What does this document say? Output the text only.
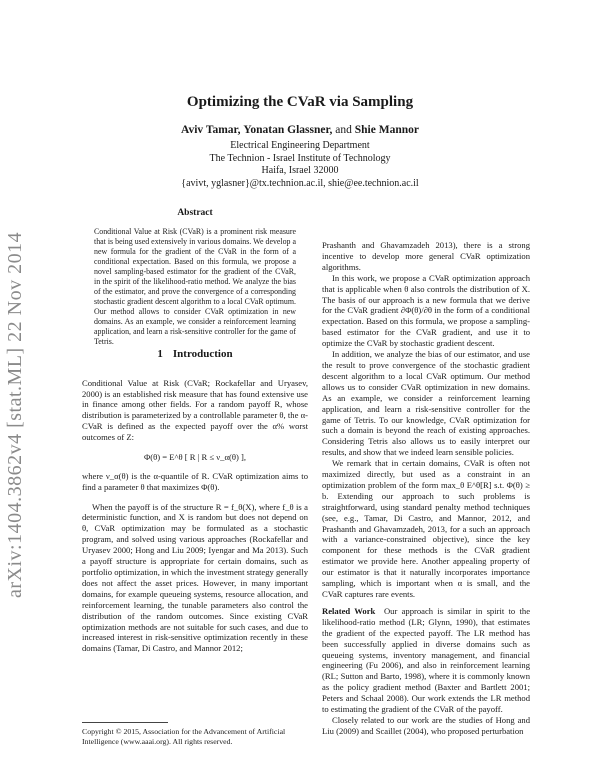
arXiv:1404.3862v4 [stat.ML] 22 Nov 2014
Optimizing the CVaR via Sampling
Aviv Tamar, Yonatan Glassner, and Shie Mannor
Electrical Engineering Department
The Technion - Israel Institute of Technology
Haifa, Israel 32000
{avivt, yglasner}@tx.technion.ac.il, shie@ee.technion.ac.il
Abstract
Conditional Value at Risk (CVaR) is a prominent risk measure that is being used extensively in various domains. We develop a new formula for the gradient of the CVaR in the form of a conditional expectation. Based on this formula, we propose a novel sampling-based estimator for the gradient of the CVaR, in the spirit of the likelihood-ratio method. We analyze the bias of the estimator, and prove the convergence of a corresponding stochastic gradient descent algorithm to a local CVaR optimum. Our method allows to consider CVaR optimization in new domains. As an example, we consider a reinforcement learning application, and learn a risk-sensitive controller for the game of Tetris.
1 Introduction

Conditional Value at Risk (CVaR; Rockafellar and Uryasev, 2000) is an established risk measure that has found extensive use in finance among other fields. For a random payoff R, whose distribution is parameterized by a controllable parameter θ, the α-CVaR is defined as the expected payoff over the α% worst outcomes of Z:

Φ(θ) = E^θ [ R | R ≤ ν_α(θ) ],

where ν_α(θ) is the α-quantile of R. CVaR optimization aims to find a parameter θ that maximizes Φ(θ).

When the payoff is of the structure R = f_θ(X), where f_θ is a deterministic function, and X is random but does not depend on θ, CVaR optimization may be formulated as a stochastic program, and solved using various approaches (Rockafellar and Uryasev 2000; Hong and Liu 2009; Iyengar and Ma 2013). Such a payoff structure is appropriate for certain domains, such as portfolio optimization, in which the investment strategy generally does not affect the asset prices. However, in many important domains, for example queueing systems, resource allocation, and reinforcement learning, the tunable parameters also control the distribution of the random outcomes. Since existing CVaR optimization methods are not suitable for such cases, and due to increased interest in risk-sensitive optimization recently in these domains (Tamar, Di Castro, and Mannor 2012;

Copyright © 2015, Association for the Advancement of Artificial Intelligence (www.aaai.org). All rights reserved.

Prashanth and Ghavamzadeh 2013), there is a strong incentive to develop more general CVaR optimization algorithms.

In this work, we propose a CVaR optimization approach that is applicable when θ also controls the distribution of X. The basis of our approach is a new formula that we derive for the CVaR gradient ∂Φ(θ)/∂θ in the form of a conditional expectation. Based on this formula, we propose a sampling-based estimator for the CVaR gradient, and use it to optimize the CVaR by stochastic gradient descent.

In addition, we analyze the bias of our estimator, and use the result to prove convergence of the stochastic gradient descent algorithm to a local CVaR optimum. Our method allows us to consider CVaR optimization in new domains. As an example, we consider a reinforcement learning application, and learn a risk-sensitive controller for the game of Tetris. To our knowledge, CVaR optimization for such a domain is beyond the reach of existing approaches. Considering Tetris also allows us to easily interpret our results, and show that we indeed learn sensible policies.

We remark that in certain domains, CVaR is often not maximized directly, but used as a constraint in an optimization problem of the form max_θ E^θ[R] s.t. Φ(θ) ≥ b. Extending our approach to such problems is straightforward, using standard penalty method techniques (see, e.g., Tamar, Di Castro, and Mannor, 2012, and Prashanth and Ghavamzadeh, 2013, for a such an approach with a variance-constrained objective), since the key component for these methods is the CVaR gradient estimator we provide here. Another appealing property of our estimator is that it naturally incorporates importance sampling, which is important when α is small, and the CVaR captures rare events.

Related Work Our approach is similar in spirit to the likelihood-ratio method (LR; Glynn, 1990), that estimates the gradient of the expected payoff. The LR method has been successfully applied in diverse domains such as queueing systems, inventory management, and financial engineering (Fu 2006), and also in reinforcement learning (RL; Sutton and Barto, 1998), where it is commonly known as the policy gradient method (Baxter and Bartlett 2001; Peters and Schaal 2008). Our work extends the LR method to estimating the gradient of the CVaR of the payoff.

Closely related to our work are the studies of Hong and Liu (2009) and Scaillet (2004), who proposed perturbation
